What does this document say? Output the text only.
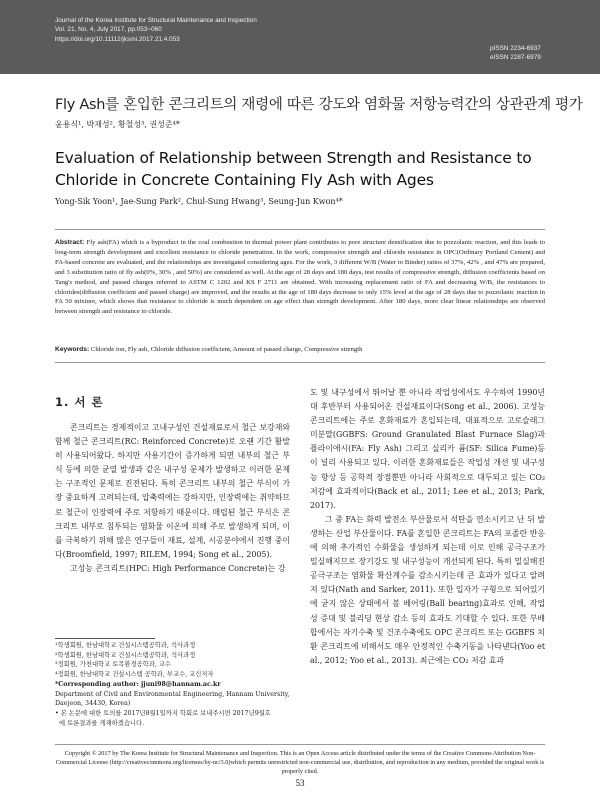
Journal of the Korea Institute for Structural Maintenance and Inspection
Vol. 21, No. 4, July 2017, pp.053~060
https://doi.org/10.11112/jksmi.2017.21.4.053
pISSN 2234-6937
eISSN 2287-6979
Fly Ash를 혼입한 콘크리트의 재령에 따른 강도와 염화물 저항능력간의 상관관계 평가
윤용식¹, 박재성², 황철성³, 권성준⁴*
Evaluation of Relationship between Strength and Resistance to Chloride in Concrete Containing Fly Ash with Ages
Yong-Sik Yoon¹, Jae-Sung Park², Chul-Sung Hwang³, Seung-Jun Kwon⁴*
Abstract: Fly ash(FA) which is a byproduct in the coal combustion in thermal power plant contributes to pore structure densification due to pozzolanic reaction, and this leads to long-term strength development and excellent resistance to chloride penetration. In the work, compressive strength and chloride resistance in OPC(Ordinary Portland Cement) and FA-based concrete are evaluated, and the relationships are investigated considering ages. For the work, 3 different W/B (Water to Binder) ratios of 37%, 42% , and 47% are prepared, and 3 substitution ratio of fly ash(0%, 30% , and 50%) are considered as well. At the age of 28 days and 180 days, test results of compressive strength, diffusion coefficients based on Tang's method, and passed charges referred to ASTM C 1202 and KS F 2711 are obtained. With increasing replacement ratio of FA and decreasing W/B, the resistances to chlorides(diffusion coefficient and passed charge) are improved, and the results at the age of 180 days decrease to only 15% level at the age of 28 days due to pozzolanic reaction in FA 50 mixture, which shows that resistance to chloride is much dependent on age effect than strength development. After 180 days, more clear linear relationships are observed between strength and resistance to chloride.
Keywords: Chloride ion, Fly ash, Chloride diffusion coefficient, Amount of passed charge, Compressive strength
1. 서 론

콘크리트는 경제적이고 고내구성인 건설재료로서 철근 보강재와 함께 철근 콘크리트(RC: Reinforced Concrete)로 오랜 기간 활발히 사용되어왔다. 하지만 사용기간이 증가하게 되면 내부의 철근 부식 등에 의한 균열 발생과 같은 내구성 문제가 발생하고 이러한 문제는 구조적인 문제로 진전된다. 특히 콘크리트 내부의 철근 부식이 가장 중요하게 고려되는데, 압축력에는 강하지만, 인장력에는 취약하므로 철근이 인장력에 주로 저항하기 때문이다. 매립된 철근 부식은 콘크리트 내부로 침투되는 염화물 이온에 의해 주로 발생하게 되며, 이를 극복하기 위해 많은 연구들이 재료, 설계, 시공분야에서 진행 중이다(Broomfield, 1997; RILEM, 1994; Song et al., 2005).

고성능 콘크리트(HPC: High Performance Concrete)는 강

¹학생회원, 한남대학교 건설시스템공학과, 석사과정
²학생회원, 한남대학교 건설시스템공학과, 석사과정
³정회원, 가천대학교 토목환경공학과, 교수
⁴정회원, 한남대학교 건설시스템 공학과, 부교수, 교신저자
*Corresponding author: jjuni98@hannam.ac.kr
Department of Civil and Environmental Engineering, Hannam University,
Daejeon, 34430, Korea)
• 본 논문에 대한 토의를 2017년8월1일까지 학회로 보내주시면 2017년9월호
에 토론결과를 게재하겠습니다.

도 및 내구성에서 뛰어날 뿐 아니라 작업성에서도 우수하여 1990년대 후반부터 사용되어온 건설재료이다(Song et al., 2006). 고성능 콘크리트에는 주로 혼화재료가 혼입되는데, 대표적으로 고로슬래그미분말(GGBFS: Ground Granulated Blast Furnace Slag)과 플라이애시(FA: Fly Ash) 그리고 실리카 퓸(SF: Silica Fume)등이 널리 사용되고 있다. 이러한 혼화재료들은 작업성 개선 및 내구성능 향상 등 공학적 장점뿐만 아니라 사회적으로 대두되고 있는 CO₂ 저감에 효과적이다(Back et al., 2011; Lee et al., 2013; Park, 2017).

그 중 FA는 화력 발전소 부산물로서 석탄을 연소시키고 난 뒤 발생하는 산업 부산물이다. FA를 혼입한 콘크리트는 FA의 포졸란 반응에 의해 추가적인 수화물을 생성하게 되는데 이로 인해 공극구조가 밀실해지므로 장기강도 및 내구성능이 개선되게 된다. 특히 밀실해진 공극구조는 염화물 확산계수를 감소시키는데 큰 효과가 있다고 알려져 있다(Nath and Sarker, 2011). 또한 입자가 구형으로 되어있기에 굳지 않은 상태에서 볼 베어링(Ball bearing)효과로 인해, 작업성 증대 및 블리딩 현상 감소 등의 효과도 기대할 수 있다. 또한 부배합에서는 자기수축 및 건조수축에도 OPC 콘크리트 또는 GGBFS 치환 콘크리트에 비해서도 매우 안정적인 수축거동을 나타낸다(Yoo et al., 2012; Yoo et al., 2013). 최근에는 CO₂ 저감 효과

Copyright © 2017 by The Korea Institute for Structural Maintenance and Inspection. This is an Open Access article distributed under the terms of the Creative Commons Attribution Non-Commercial License (http://creativecommons.org/licenses/by-nc/3.0)which permits unrestricted non-commercial use, distribution, and reproduction in any medium, provided the original work is properly cited.
53
